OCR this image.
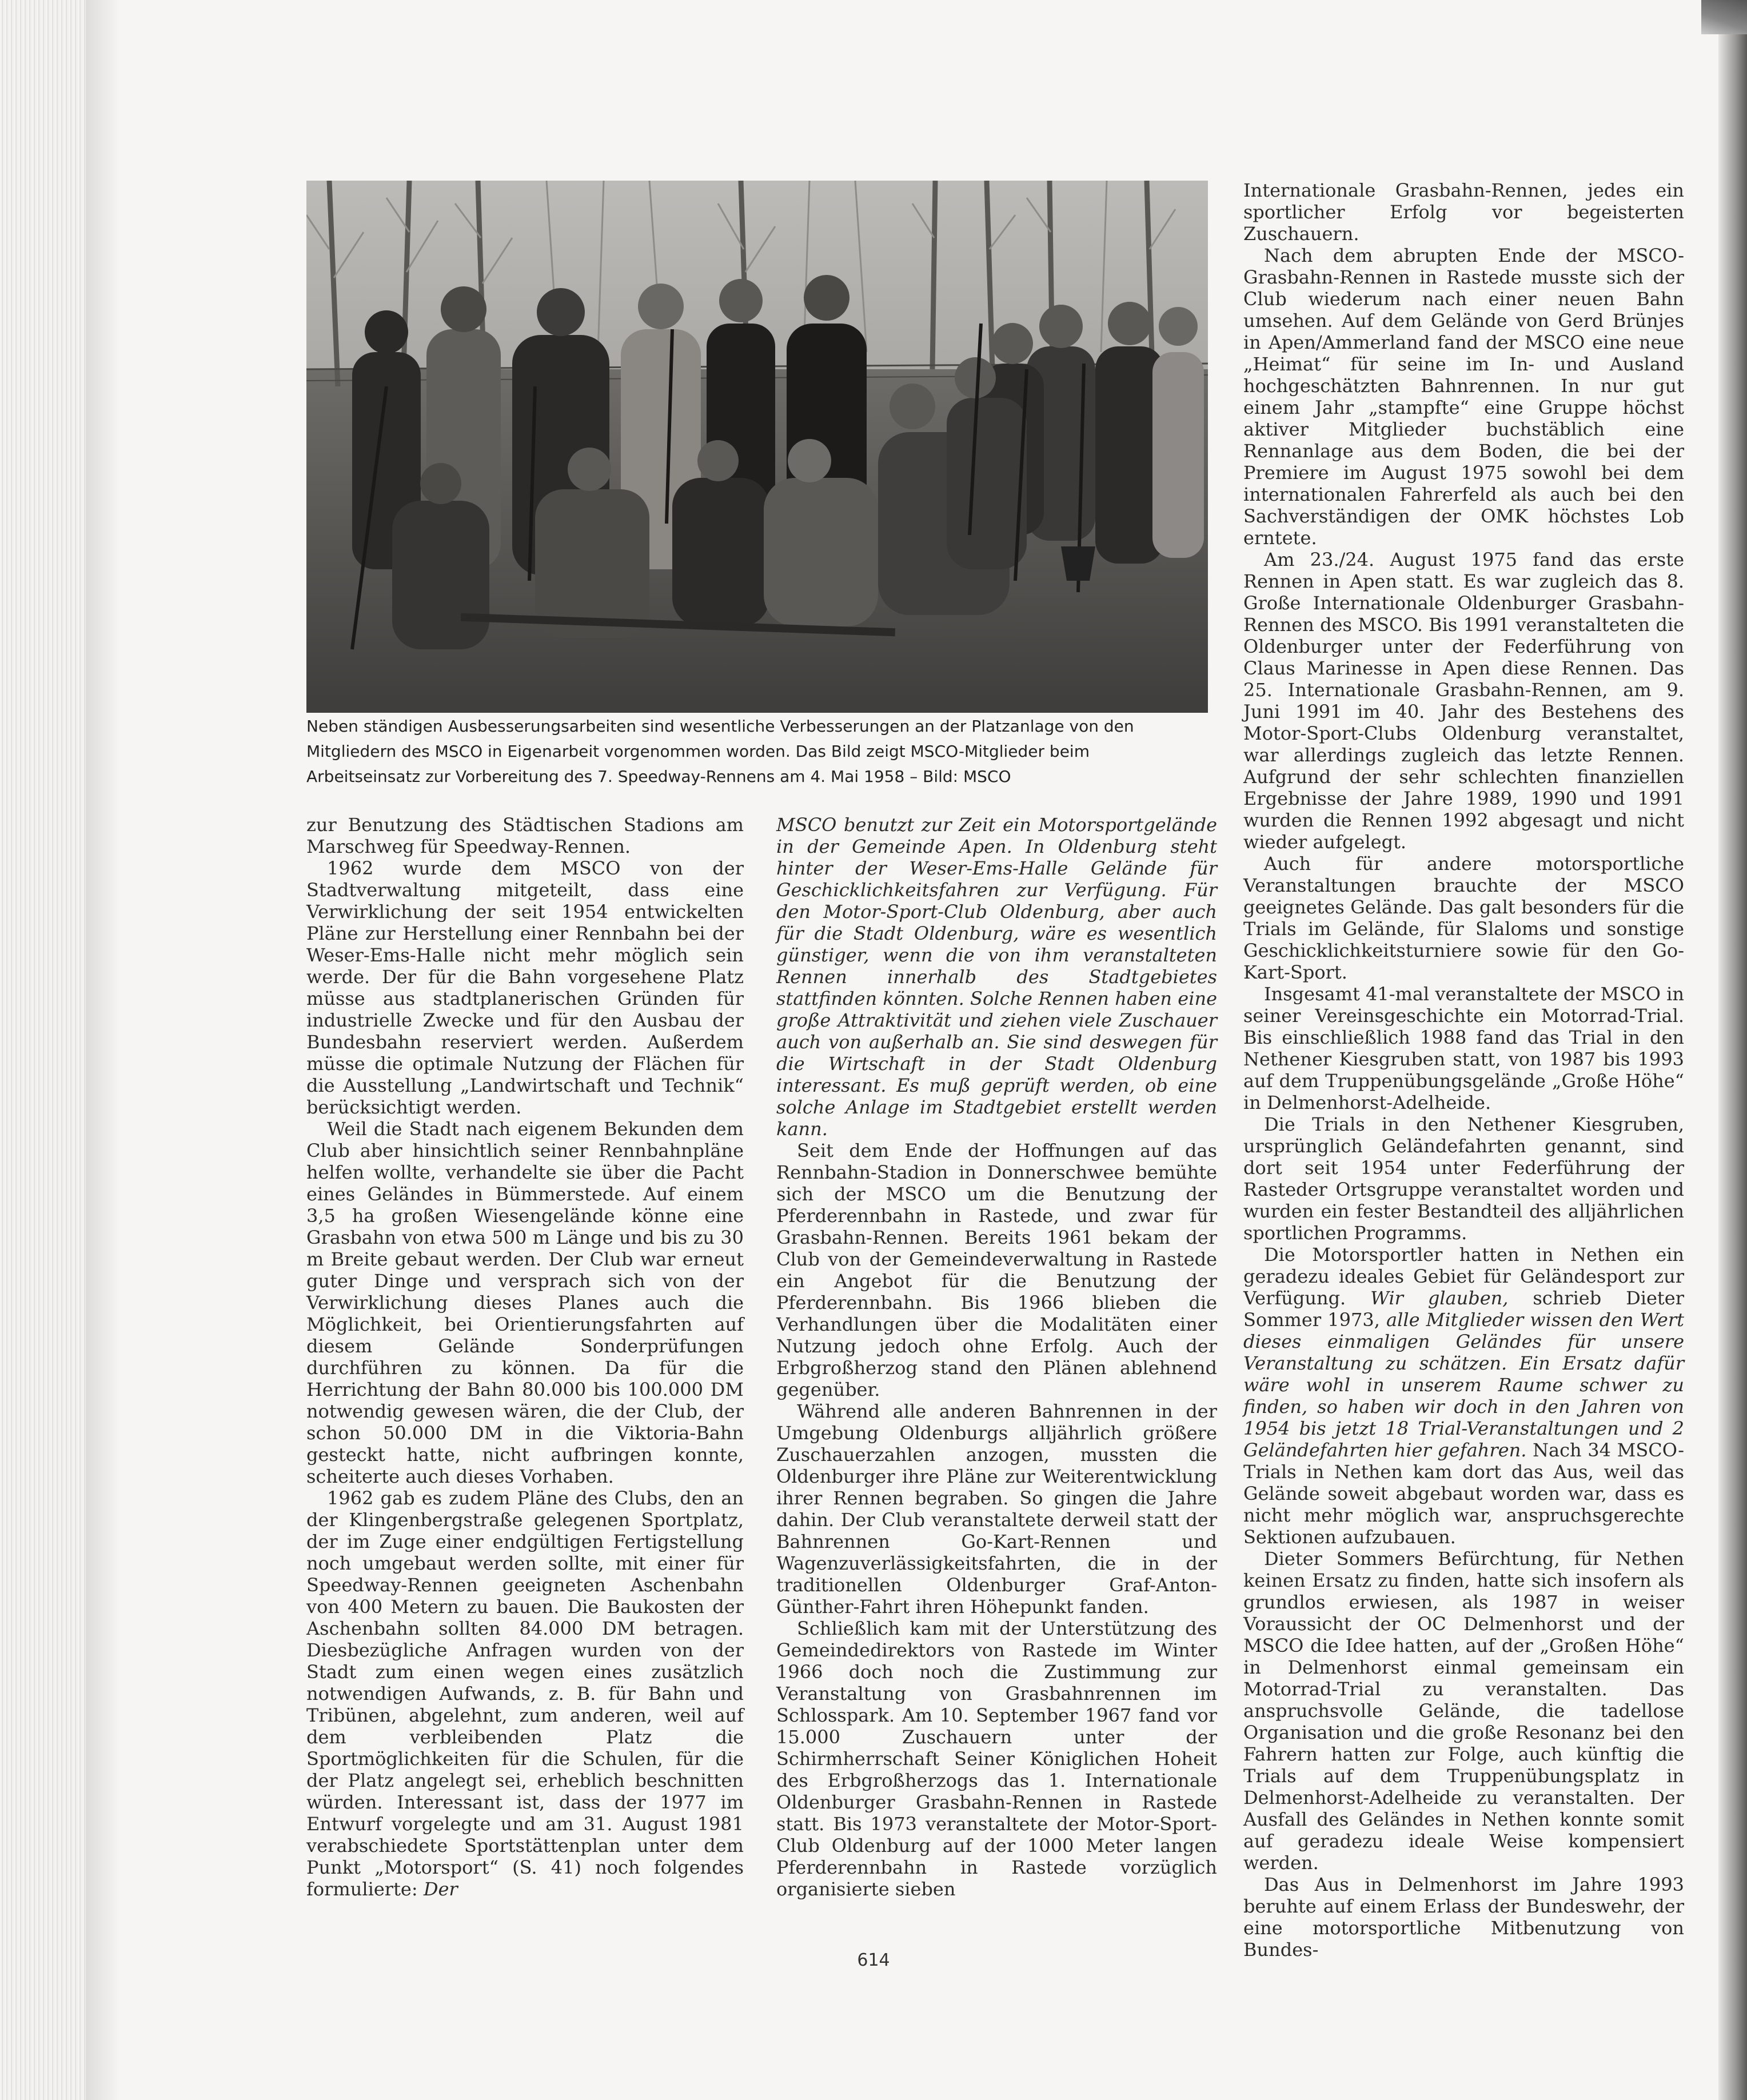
Neben ständigen Ausbesserungsarbeiten sind wesentliche Verbesserungen an der Platzanlage von den Mitgliedern des MSCO in Eigenarbeit vorgenommen worden. Das Bild zeigt MSCO-Mitglieder beim Arbeitseinsatz zur Vorbereitung des 7. Speedway-Rennens am 4. Mai 1958 – Bild: MSCO

zur Benutzung des Städtischen Stadions am Marschweg für Speedway-Rennen.

1962 wurde dem MSCO von der Stadtverwaltung mitgeteilt, dass eine Verwirklichung der seit 1954 entwickelten Pläne zur Herstellung einer Rennbahn bei der Weser-Ems-Halle nicht mehr möglich sein werde. Der für die Bahn vorgesehene Platz müsse aus stadtplanerischen Gründen für industrielle Zwecke und für den Ausbau der Bundesbahn reserviert werden. Außerdem müsse die optimale Nutzung der Flächen für die Ausstellung „Landwirtschaft und Technik“ berücksichtigt werden.

Weil die Stadt nach eigenem Bekunden dem Club aber hinsichtlich seiner Rennbahnpläne helfen wollte, verhandelte sie über die Pacht eines Geländes in Bümmerstede. Auf einem 3,5 ha großen Wiesengelände könne eine Grasbahn von etwa 500 m Länge und bis zu 30 m Breite gebaut werden. Der Club war erneut guter Dinge und versprach sich von der Verwirklichung dieses Planes auch die Möglichkeit, bei Orientierungsfahrten auf diesem Gelände Sonderprüfungen durchführen zu können. Da für die Herrichtung der Bahn 80.000 bis 100.000 DM notwendig gewesen wären, die der Club, der schon 50.000 DM in die Viktoria-Bahn gesteckt hatte, nicht aufbringen konnte, scheiterte auch dieses Vorhaben.

1962 gab es zudem Pläne des Clubs, den an der Klingenbergstraße gelegenen Sportplatz, der im Zuge einer endgültigen Fertigstellung noch umgebaut werden sollte, mit einer für Speedway-Rennen geeigneten Aschenbahn von 400 Metern zu bauen. Die Baukosten der Aschenbahn sollten 84.000 DM betragen. Diesbezügliche Anfragen wurden von der Stadt zum einen wegen eines zusätzlich notwendigen Aufwands, z. B. für Bahn und Tribünen, abgelehnt, zum anderen, weil auf dem verbleibenden Platz die Sportmöglichkeiten für die Schulen, für die der Platz angelegt sei, erheblich beschnitten würden. Interessant ist, dass der 1977 im Entwurf vorgelegte und am 31. August 1981 verabschiedete Sportstättenplan unter dem Punkt „Motorsport“ (S. 41) noch folgendes formulierte: Der

MSCO benutzt zur Zeit ein Motorsportgelände in der Gemeinde Apen. In Oldenburg steht hinter der Weser-Ems-Halle Gelände für Geschicklichkeitsfahren zur Verfügung. Für den Motor-Sport-Club Oldenburg, aber auch für die Stadt Oldenburg, wäre es wesentlich günstiger, wenn die von ihm veranstalteten Rennen innerhalb des Stadtgebietes stattfinden könnten. Solche Rennen haben eine große Attraktivität und ziehen viele Zuschauer auch von außerhalb an. Sie sind deswegen für die Wirtschaft in der Stadt Oldenburg interessant. Es muß geprüft werden, ob eine solche Anlage im Stadtgebiet erstellt werden kann.

Seit dem Ende der Hoffnungen auf das Rennbahn-Stadion in Donnerschwee bemühte sich der MSCO um die Benutzung der Pferderennbahn in Rastede, und zwar für Grasbahn-Rennen. Bereits 1961 bekam der Club von der Gemeindeverwaltung in Rastede ein Angebot für die Benutzung der Pferderennbahn. Bis 1966 blieben die Verhandlungen über die Modalitäten einer Nutzung jedoch ohne Erfolg. Auch der Erbgroßherzog stand den Plänen ablehnend gegenüber.

Während alle anderen Bahnrennen in der Umgebung Oldenburgs alljährlich größere Zuschauerzahlen anzogen, mussten die Oldenburger ihre Pläne zur Weiterentwicklung ihrer Rennen begraben. So gingen die Jahre dahin. Der Club veranstaltete derweil statt der Bahnrennen Go-Kart-Rennen und Wagenzuverlässigkeitsfahrten, die in der traditionellen Oldenburger Graf-Anton-Günther-Fahrt ihren Höhepunkt fanden.

Schließlich kam mit der Unterstützung des Gemeindedirektors von Rastede im Winter 1966 doch noch die Zustimmung zur Veranstaltung von Grasbahnrennen im Schlosspark. Am 10. September 1967 fand vor 15.000 Zuschauern unter der Schirmherrschaft Seiner Königlichen Hoheit des Erbgroßherzogs das 1. Internationale Oldenburger Grasbahn-Rennen in Rastede statt. Bis 1973 veranstaltete der Motor-Sport-Club Oldenburg auf der 1000 Meter langen Pferderennbahn in Rastede vorzüglich organisierte sieben

Internationale Grasbahn-Rennen, jedes ein sportlicher Erfolg vor begeisterten Zuschauern.

Nach dem abrupten Ende der MSCO-Grasbahn-Rennen in Rastede musste sich der Club wiederum nach einer neuen Bahn umsehen. Auf dem Gelände von Gerd Brünjes in Apen/Ammerland fand der MSCO eine neue „Heimat“ für seine im In- und Ausland hochgeschätzten Bahnrennen. In nur gut einem Jahr „stampfte“ eine Gruppe höchst aktiver Mitglieder buchstäblich eine Rennanlage aus dem Boden, die bei der Premiere im August 1975 sowohl bei dem internationalen Fahrerfeld als auch bei den Sachverständigen der OMK höchstes Lob erntete.

Am 23./24. August 1975 fand das erste Rennen in Apen statt. Es war zugleich das 8. Große Internationale Oldenburger Grasbahn-Rennen des MSCO. Bis 1991 veranstalteten die Oldenburger unter der Federführung von Claus Marinesse in Apen diese Rennen. Das 25. Internationale Grasbahn-Rennen, am 9. Juni 1991 im 40. Jahr des Bestehens des Motor-Sport-Clubs Oldenburg veranstaltet, war allerdings zugleich das letzte Rennen. Aufgrund der sehr schlechten finanziellen Ergebnisse der Jahre 1989, 1990 und 1991 wurden die Rennen 1992 abgesagt und nicht wieder aufgelegt.

Auch für andere motorsportliche Veranstaltungen brauchte der MSCO geeignetes Gelände. Das galt besonders für die Trials im Gelände, für Slaloms und sonstige Geschicklichkeitsturniere sowie für den Go-Kart-Sport.

Insgesamt 41-mal veranstaltete der MSCO in seiner Vereinsgeschichte ein Motorrad-Trial. Bis einschließlich 1988 fand das Trial in den Nethener Kiesgruben statt, von 1987 bis 1993 auf dem Truppenübungsgelände „Große Höhe“ in Delmenhorst-Adelheide.

Die Trials in den Nethener Kiesgruben, ursprünglich Geländefahrten genannt, sind dort seit 1954 unter Federführung der Rasteder Ortsgruppe veranstaltet worden und wurden ein fester Bestandteil des alljährlichen sportlichen Programms.

Die Motorsportler hatten in Nethen ein geradezu ideales Gebiet für Geländesport zur Verfügung. Wir glauben, schrieb Dieter Sommer 1973, alle Mitglieder wissen den Wert dieses einmaligen Geländes für unsere Veranstaltung zu schätzen. Ein Ersatz dafür wäre wohl in unserem Raume schwer zu finden, so haben wir doch in den Jahren von 1954 bis jetzt 18 Trial-Veranstaltungen und 2 Geländefahrten hier gefahren. Nach 34 MSCO-Trials in Nethen kam dort das Aus, weil das Gelände soweit abgebaut worden war, dass es nicht mehr möglich war, anspruchsgerechte Sektionen aufzubauen.

Dieter Sommers Befürchtung, für Nethen keinen Ersatz zu finden, hatte sich insofern als grundlos erwiesen, als 1987 in weiser Voraussicht der OC Delmenhorst und der MSCO die Idee hatten, auf der „Großen Höhe“ in Delmenhorst einmal gemeinsam ein Motorrad-Trial zu veranstalten. Das anspruchsvolle Gelände, die tadellose Organisation und die große Resonanz bei den Fahrern hatten zur Folge, auch künftig die Trials auf dem Truppenübungsplatz in Delmenhorst-Adelheide zu veranstalten. Der Ausfall des Geländes in Nethen konnte somit auf geradezu ideale Weise kompensiert werden.

Das Aus in Delmenhorst im Jahre 1993 beruhte auf einem Erlass der Bundeswehr, der eine motorsportliche Mitbenutzung von Bundes-

614
